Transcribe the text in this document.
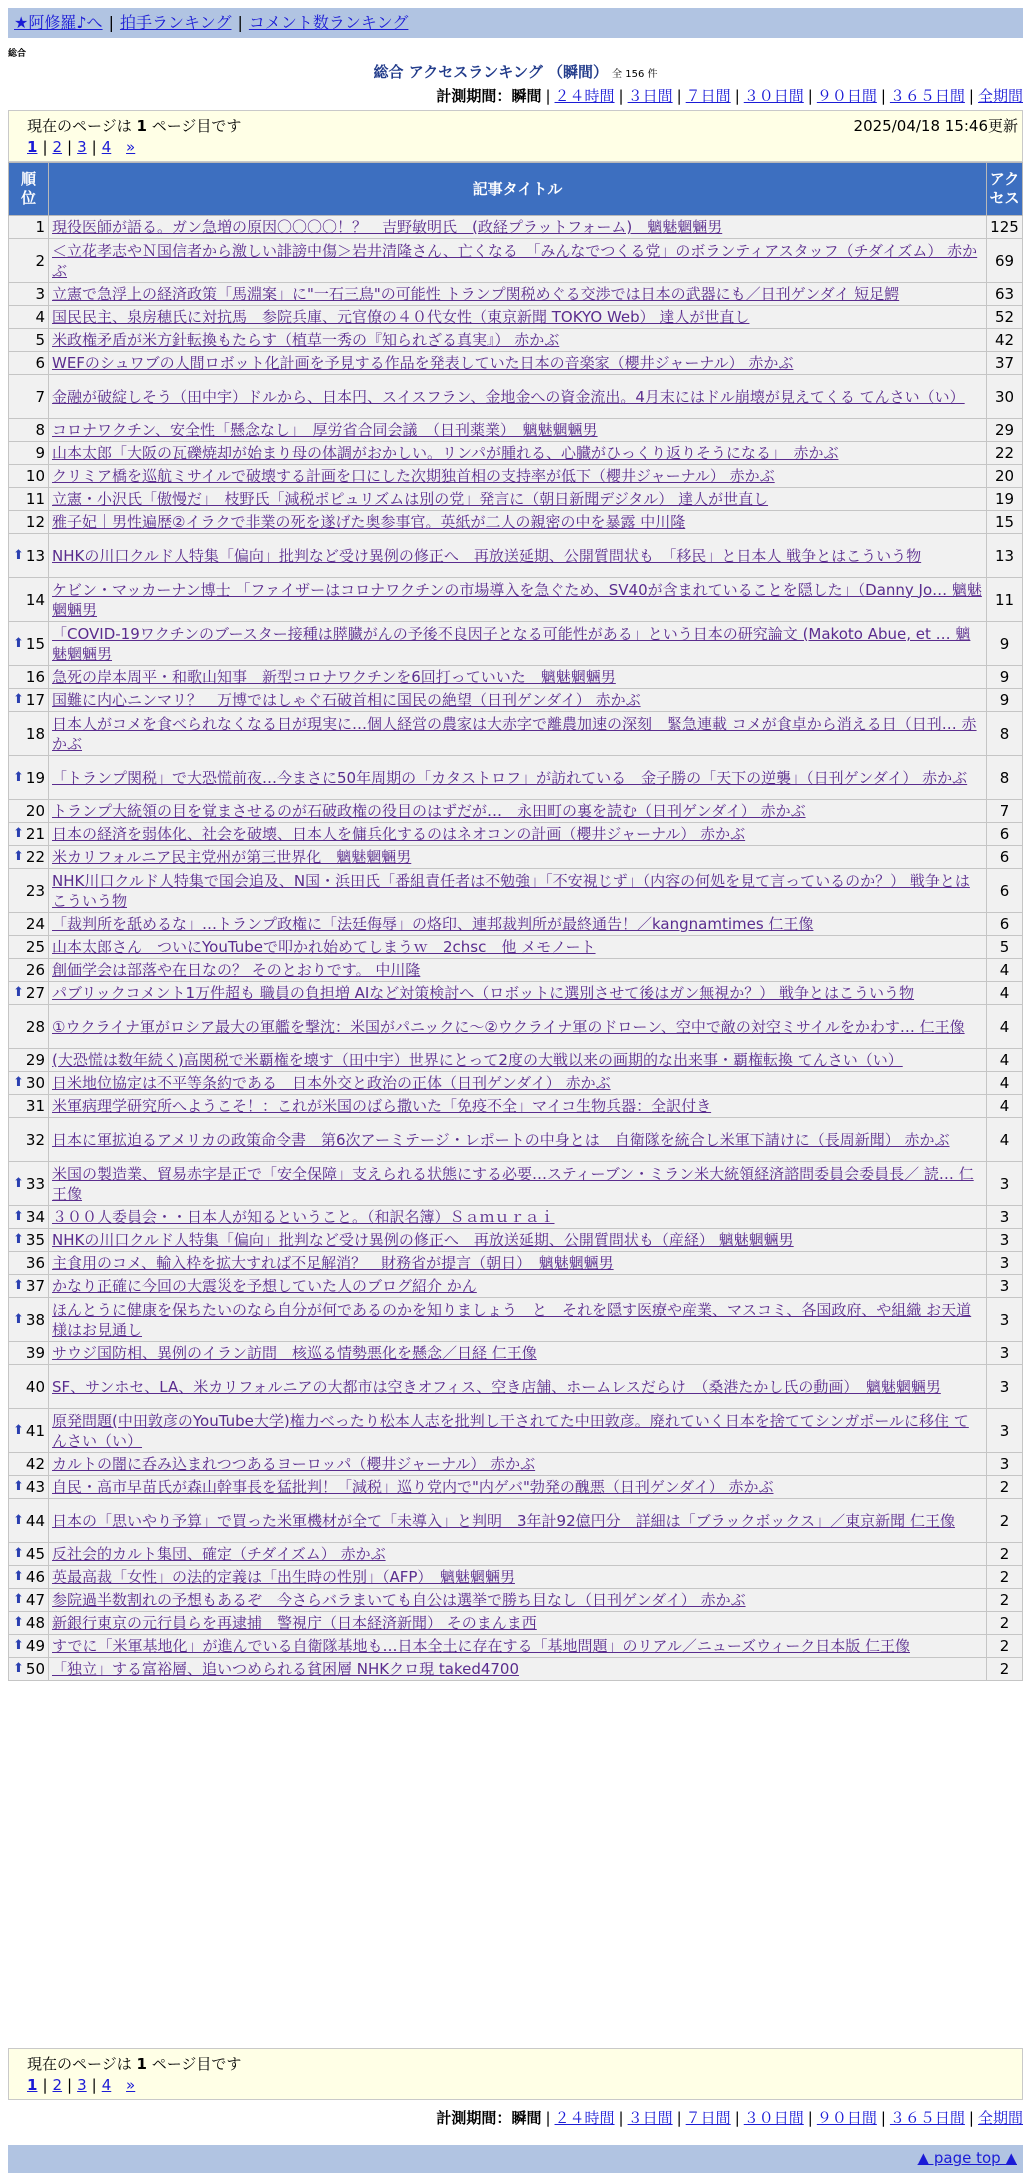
★阿修羅♪へ | 拍手ランキング | コメント数ランキング
総合
総合 アクセスランキング （瞬間） 全 156 件
計測期間：瞬間 | ２４時間 | ３日間 | ７日間 | ３０日間 | ９０日間 | ３６５日間 | 全期間
現在のページは 1 ページ目です	2025/04/18 15:46更新
1 | 2 | 3 | 4 »
順位	記事タイトル	アクセス

1	現役医師が語る。ガン急増の原因〇〇〇〇！？　吉野敏明氏　(政経プラットフォーム)　魑魅魍魎男	125
2	＜立花孝志やＮ国信者から激しい誹謗中傷＞岩井清隆さん、亡くなる　「みんなでつくる党」のボランティアスタッフ（チダイズム） 赤かぶ	69
3	立憲で急浮上の経済政策「馬淵案」に"一石三鳥"の可能性 トランプ関税めぐる交渉では日本の武器にも／日刊ゲンダイ 短足鰐	63
4	国民民主、泉房穂氏に対抗馬　参院兵庫、元官僚の４０代女性（東京新聞 TOKYO Web） 達人が世直し	52
5	米政権矛盾が米方針転換もたらす（植草一秀の『知られざる真実』） 赤かぶ	42
6	WEFのシュワブの人間ロボット化計画を予見する作品を発表していた日本の音楽家（櫻井ジャーナル） 赤かぶ	37
7	金融が破綻しそう（田中宇）ドルから、日本円、スイスフラン、金地金への資金流出。4月末にはドル崩壊が見えてくる てんさい（い）	30
8	コロナワクチン、安全性「懸念なし」　厚労省合同会議　（日刊薬業）　魑魅魍魎男	29
9	山本太郎「大阪の瓦礫焼却が始まり母の体調がおかしい。リンパが腫れる、心臓がひっくり返りそうになる」　赤かぶ	22
10	クリミア橋を巡航ミサイルで破壊する計画を口にした次期独首相の支持率が低下（櫻井ジャーナル） 赤かぶ	20
11	立憲・小沢氏「傲慢だ」　枝野氏「減税ポピュリズムは別の党」発言に（朝日新聞デジタル） 達人が世直し	19
12	雅子妃｜男性遍歴②イラクで非業の死を遂げた奥参事官。英紙が二人の親密の中を暴露 中川隆	15

⬆ 13	NHKの川口クルド人特集「偏向」批判など受け異例の修正へ　再放送延期、公開質問状も　「移民」と日本人 戦争とはこういう物	13
14	ケビン・マッカーナン博士 「ファイザーはコロナワクチンの市場導入を急ぐため、SV40が含まれていることを隠した」（Danny Jo… 魑魅魍魎男	11

⬆ 15	「COVID-19ワクチンのブースター接種は膵臓がんの予後不良因子となる可能性がある」という日本の研究論文 (Makoto Abue, et … 魑魅魍魎男	9
16	急死の岸本周平・和歌山知事　新型コロナワクチンを6回打っていいた　魑魅魍魎男	9

⬆ 17	国難に内心ニンマリ？　万博ではしゃぐ石破首相に国民の絶望（日刊ゲンダイ） 赤かぶ	9
18	日本人がコメを食べられなくなる日が現実に…個人経営の農家は大赤字で離農加速の深刻　緊急連載 コメが食卓から消える日（日刊… 赤かぶ	8

⬆ 19	「トランプ関税」で大恐慌前夜…今まさに50年周期の「カタストロフ」が訪れている　金子勝の「天下の逆襲」（日刊ゲンダイ） 赤かぶ	8
20	トランプ大統領の目を覚まさせるのが石破政権の役目のはずだが…　永田町の裏を読む（日刊ゲンダイ） 赤かぶ	7

⬆ 21	日本の経済を弱体化、社会を破壊、日本人を傭兵化するのはネオコンの計画（櫻井ジャーナル） 赤かぶ	6

⬆ 22	米カリフォルニア民主党州が第三世界化　魑魅魍魎男	6
23	NHK川口クルド人特集で国会追及、N国・浜田氏「番組責任者は不勉強」「不安視じず」（内容の何処を見て言っているのか？） 戦争とはこういう物	6
24	「裁判所を舐めるな」…トランプ政権に「法廷侮辱」の烙印、連邦裁判所が最終通告！／kangnamtimes 仁王像	6
25	山本太郎さん　ついにYouTubeで叩かれ始めてしまうｗ　2chsc　他 メモノート	5
26	創価学会は部落や在日なの？ そのとおりです。 中川隆	4

⬆ 27	パブリックコメント1万件超も 職員の負担増 AIなど対策検討へ（ロボットに選別させて後はガン無視か？） 戦争とはこういう物	4
28	①ウクライナ軍がロシア最大の軍艦を撃沈：米国がパニックに～②ウクライナ軍のドローン、空中で敵の対空ミサイルをかわす… 仁王像	4
29	(大恐慌は数年続く)高関税で米覇権を壊す（田中宇）世界にとって2度の大戦以来の画期的な出来事・覇権転換 てんさい（い）	4

⬆ 30	日米地位協定は不平等条約である　日本外交と政治の正体（日刊ゲンダイ） 赤かぶ	4
31	米軍病理学研究所へようこそ！：これが米国のばら撒いた「免疫不全」マイコ生物兵器：全訳付き	4
32	日本に軍拡迫るアメリカの政策命令書　第6次アーミテージ・レポートの中身とは　自衛隊を統合し米軍下請けに（長周新聞） 赤かぶ	4

⬆ 33	米国の製造業、貿易赤字是正で「安全保障」支えられる状態にする必要…スティーブン・ミラン米大統領経済諮問委員会委員長／ 読… 仁王像	3

⬆ 34	３００人委員会・・日本人が知るということ。（和訳名簿）Ｓａｍｕｒａｉ	3

⬆ 35	NHKの川口クルド人特集「偏向」批判など受け異例の修正へ　再放送延期、公開質問状も（産経） 魑魅魍魎男	3
36	主食用のコメ、輸入枠を拡大すれば不足解消？　財務省が提言（朝日）　魑魅魍魎男	3

⬆ 37	かなり正確に今回の大震災を予想していた人のブログ紹介 かん	3

⬆ 38	ほんとうに健康を保ちたいのなら自分が何であるのかを知りましょう　と　それを隠す医療や産業、マスコミ、各国政府、や組織 お天道様はお見通し	3
39	サウジ国防相、異例のイラン訪問　核巡る情勢悪化を懸念／日経 仁王像	3
40	SF、サンホセ、LA、米カリフォルニアの大都市は空きオフィス、空き店舗、ホームレスだらけ　（桑港たかし氏の動画）　魑魅魍魎男	3

⬆ 41	原発問題(中田敦彦のYouTube大学)権力べったり松本人志を批判し干されてた中田敦彦。廃れていく日本を捨ててシンガポールに移住 てんさい（い）	3
42	カルトの闇に呑み込まれつつあるヨーロッパ（櫻井ジャーナル） 赤かぶ	3

⬆ 43	自民・高市早苗氏が森山幹事長を猛批判！「減税」巡り党内で"内ゲバ"勃発の醜悪（日刊ゲンダイ） 赤かぶ	2

⬆ 44	日本の「思いやり予算」で買った米軍機材が全て「未導入」と判明　3年計92億円分　詳細は「ブラックボックス」／東京新聞 仁王像	2

⬆ 45	反社会的カルト集団、確定（チダイズム） 赤かぶ	2

⬆ 46	英最高裁「女性」の法的定義は「出生時の性別」（AFP）　魑魅魍魎男	2

⬆ 47	参院過半数割れの予想もあるぞ　今さらバラまいても自公は選挙で勝ち目なし（日刊ゲンダイ） 赤かぶ	2

⬆ 48	新銀行東京の元行員らを再逮捕　警視庁（日本経済新聞） そのまんま西	2

⬆ 49	すでに「米軍基地化」が進んでいる自衛隊基地も…日本全土に存在する「基地問題」のリアル／ニューズウィーク日本版 仁王像	2

⬆ 50	「独立」する富裕層、追いつめられる貧困層 NHKクロ現 taked4700	2
現在のページは 1 ページ目です
1 | 2 | 3 | 4 »
計測期間：瞬間 | ２４時間 | ３日間 | ７日間 | ３０日間 | ９０日間 | ３６５日間 | 全期間
▲ page top ▲
